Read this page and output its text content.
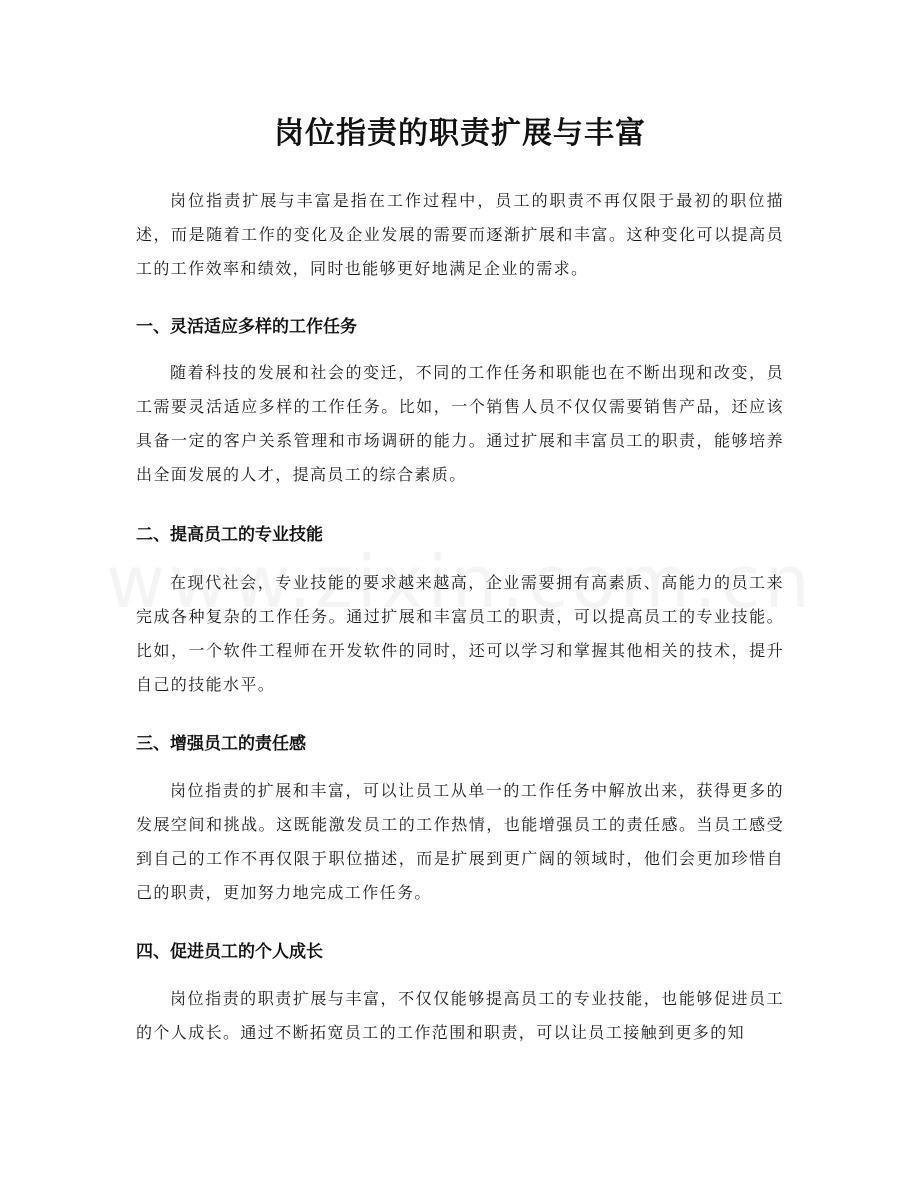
岗位指责的职责扩展与丰富

岗位指责扩展与丰富是指在工作过程中，员工的职责不再仅限于最初的职位描述，而是随着工作的变化及企业发展的需要而逐渐扩展和丰富。这种变化可以提高员工的工作效率和绩效，同时也能够更好地满足企业的需求。

一、灵活适应多样的工作任务

随着科技的发展和社会的变迁，不同的工作任务和职能也在不断出现和改变，员工需要灵活适应多样的工作任务。比如，一个销售人员不仅仅需要销售产品，还应该具备一定的客户关系管理和市场调研的能力。通过扩展和丰富员工的职责，能够培养出全面发展的人才，提高员工的综合素质。

二、提高员工的专业技能

在现代社会，专业技能的要求越来越高，企业需要拥有高素质、高能力的员工来完成各种复杂的工作任务。通过扩展和丰富员工的职责，可以提高员工的专业技能。比如，一个软件工程师在开发软件的同时，还可以学习和掌握其他相关的技术，提升自己的技能水平。

三、增强员工的责任感

岗位指责的扩展和丰富，可以让员工从单一的工作任务中解放出来，获得更多的发展空间和挑战。这既能激发员工的工作热情，也能增强员工的责任感。当员工感受到自己的工作不再仅限于职位描述，而是扩展到更广阔的领域时，他们会更加珍惜自己的职责，更加努力地完成工作任务。

四、促进员工的个人成长

岗位指责的职责扩展与丰富，不仅仅能够提高员工的专业技能，也能够促进员工的个人成长。通过不断拓宽员工的工作范围和职责，可以让员工接触到更多的知
